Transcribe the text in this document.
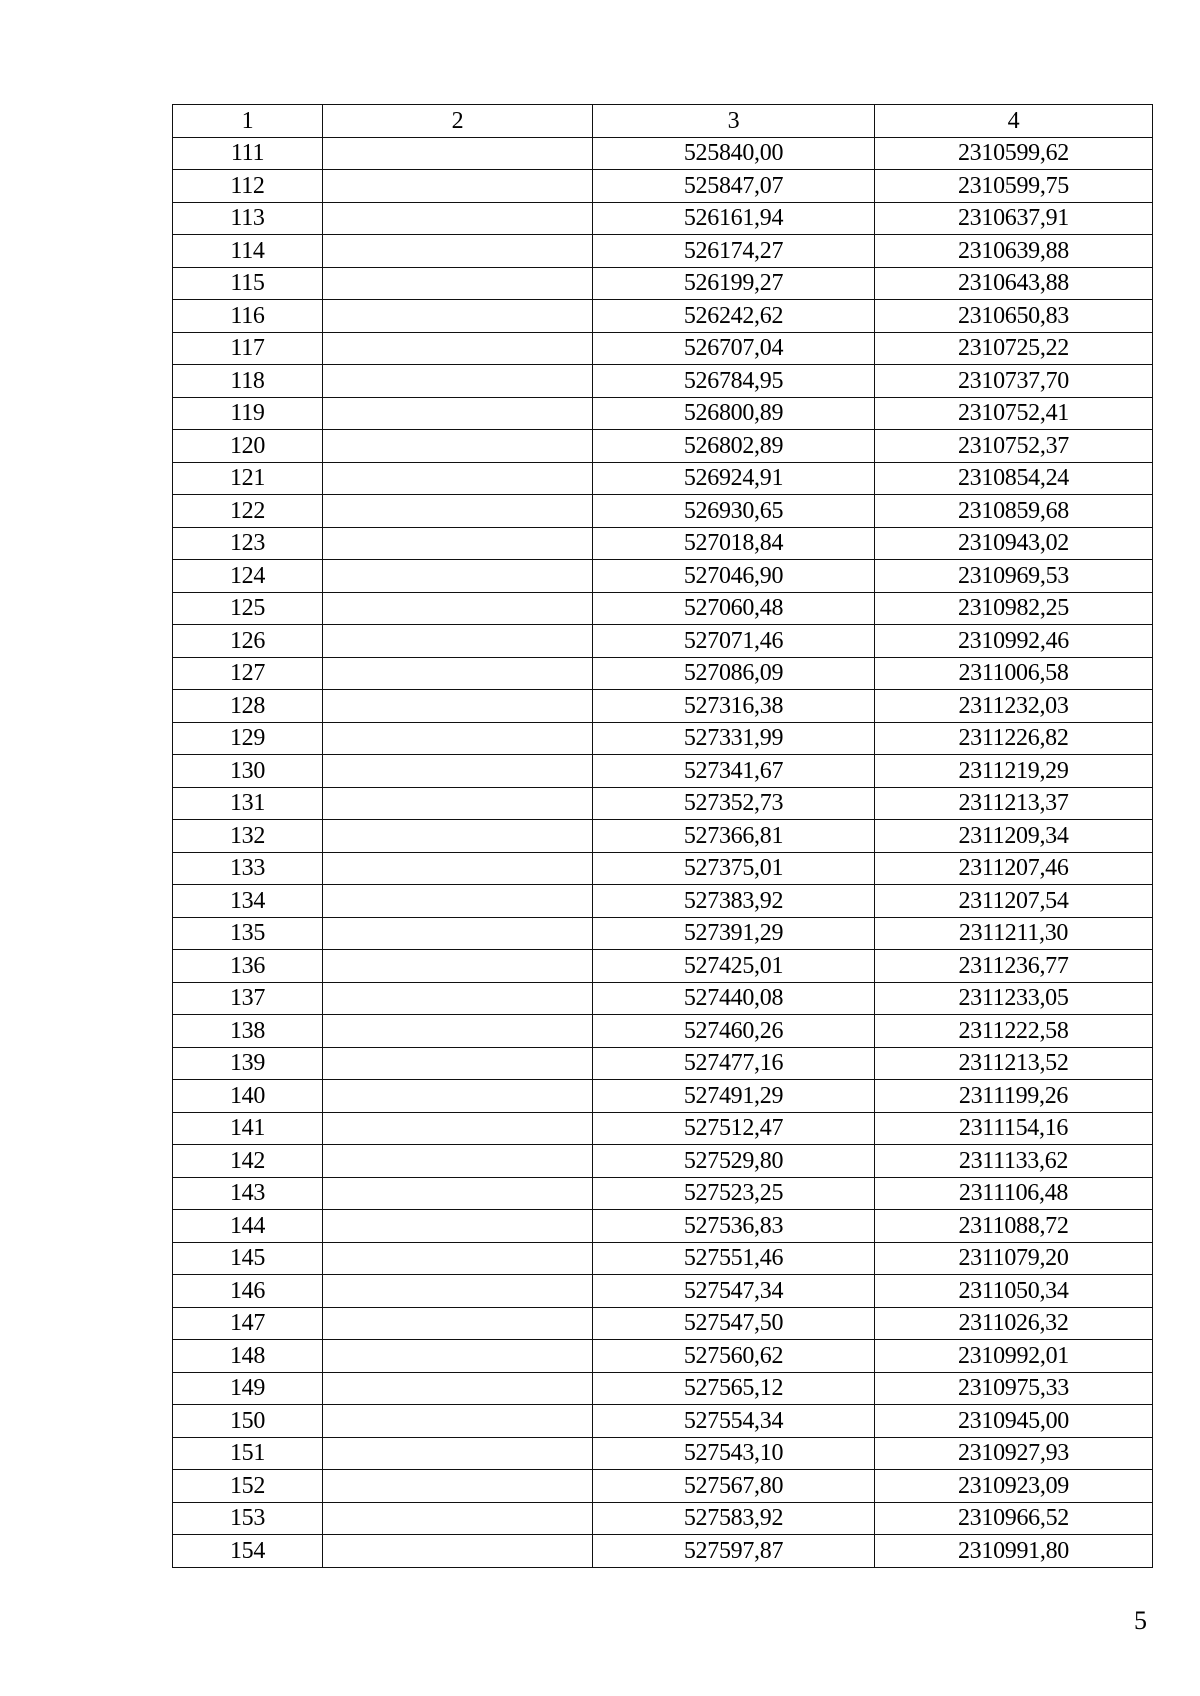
1	2	3	4
111		525840,00	2310599,62
112		525847,07	2310599,75
113		526161,94	2310637,91
114		526174,27	2310639,88
115		526199,27	2310643,88
116		526242,62	2310650,83
117		526707,04	2310725,22
118		526784,95	2310737,70
119		526800,89	2310752,41
120		526802,89	2310752,37
121		526924,91	2310854,24
122		526930,65	2310859,68
123		527018,84	2310943,02
124		527046,90	2310969,53
125		527060,48	2310982,25
126		527071,46	2310992,46
127		527086,09	2311006,58
128		527316,38	2311232,03
129		527331,99	2311226,82
130		527341,67	2311219,29
131		527352,73	2311213,37
132		527366,81	2311209,34
133		527375,01	2311207,46
134		527383,92	2311207,54
135		527391,29	2311211,30
136		527425,01	2311236,77
137		527440,08	2311233,05
138		527460,26	2311222,58
139		527477,16	2311213,52
140		527491,29	2311199,26
141		527512,47	2311154,16
142		527529,80	2311133,62
143		527523,25	2311106,48
144		527536,83	2311088,72
145		527551,46	2311079,20
146		527547,34	2311050,34
147		527547,50	2311026,32
148		527560,62	2310992,01
149		527565,12	2310975,33
150		527554,34	2310945,00
151		527543,10	2310927,93
152		527567,80	2310923,09
153		527583,92	2310966,52
154		527597,87	2310991,80
5
